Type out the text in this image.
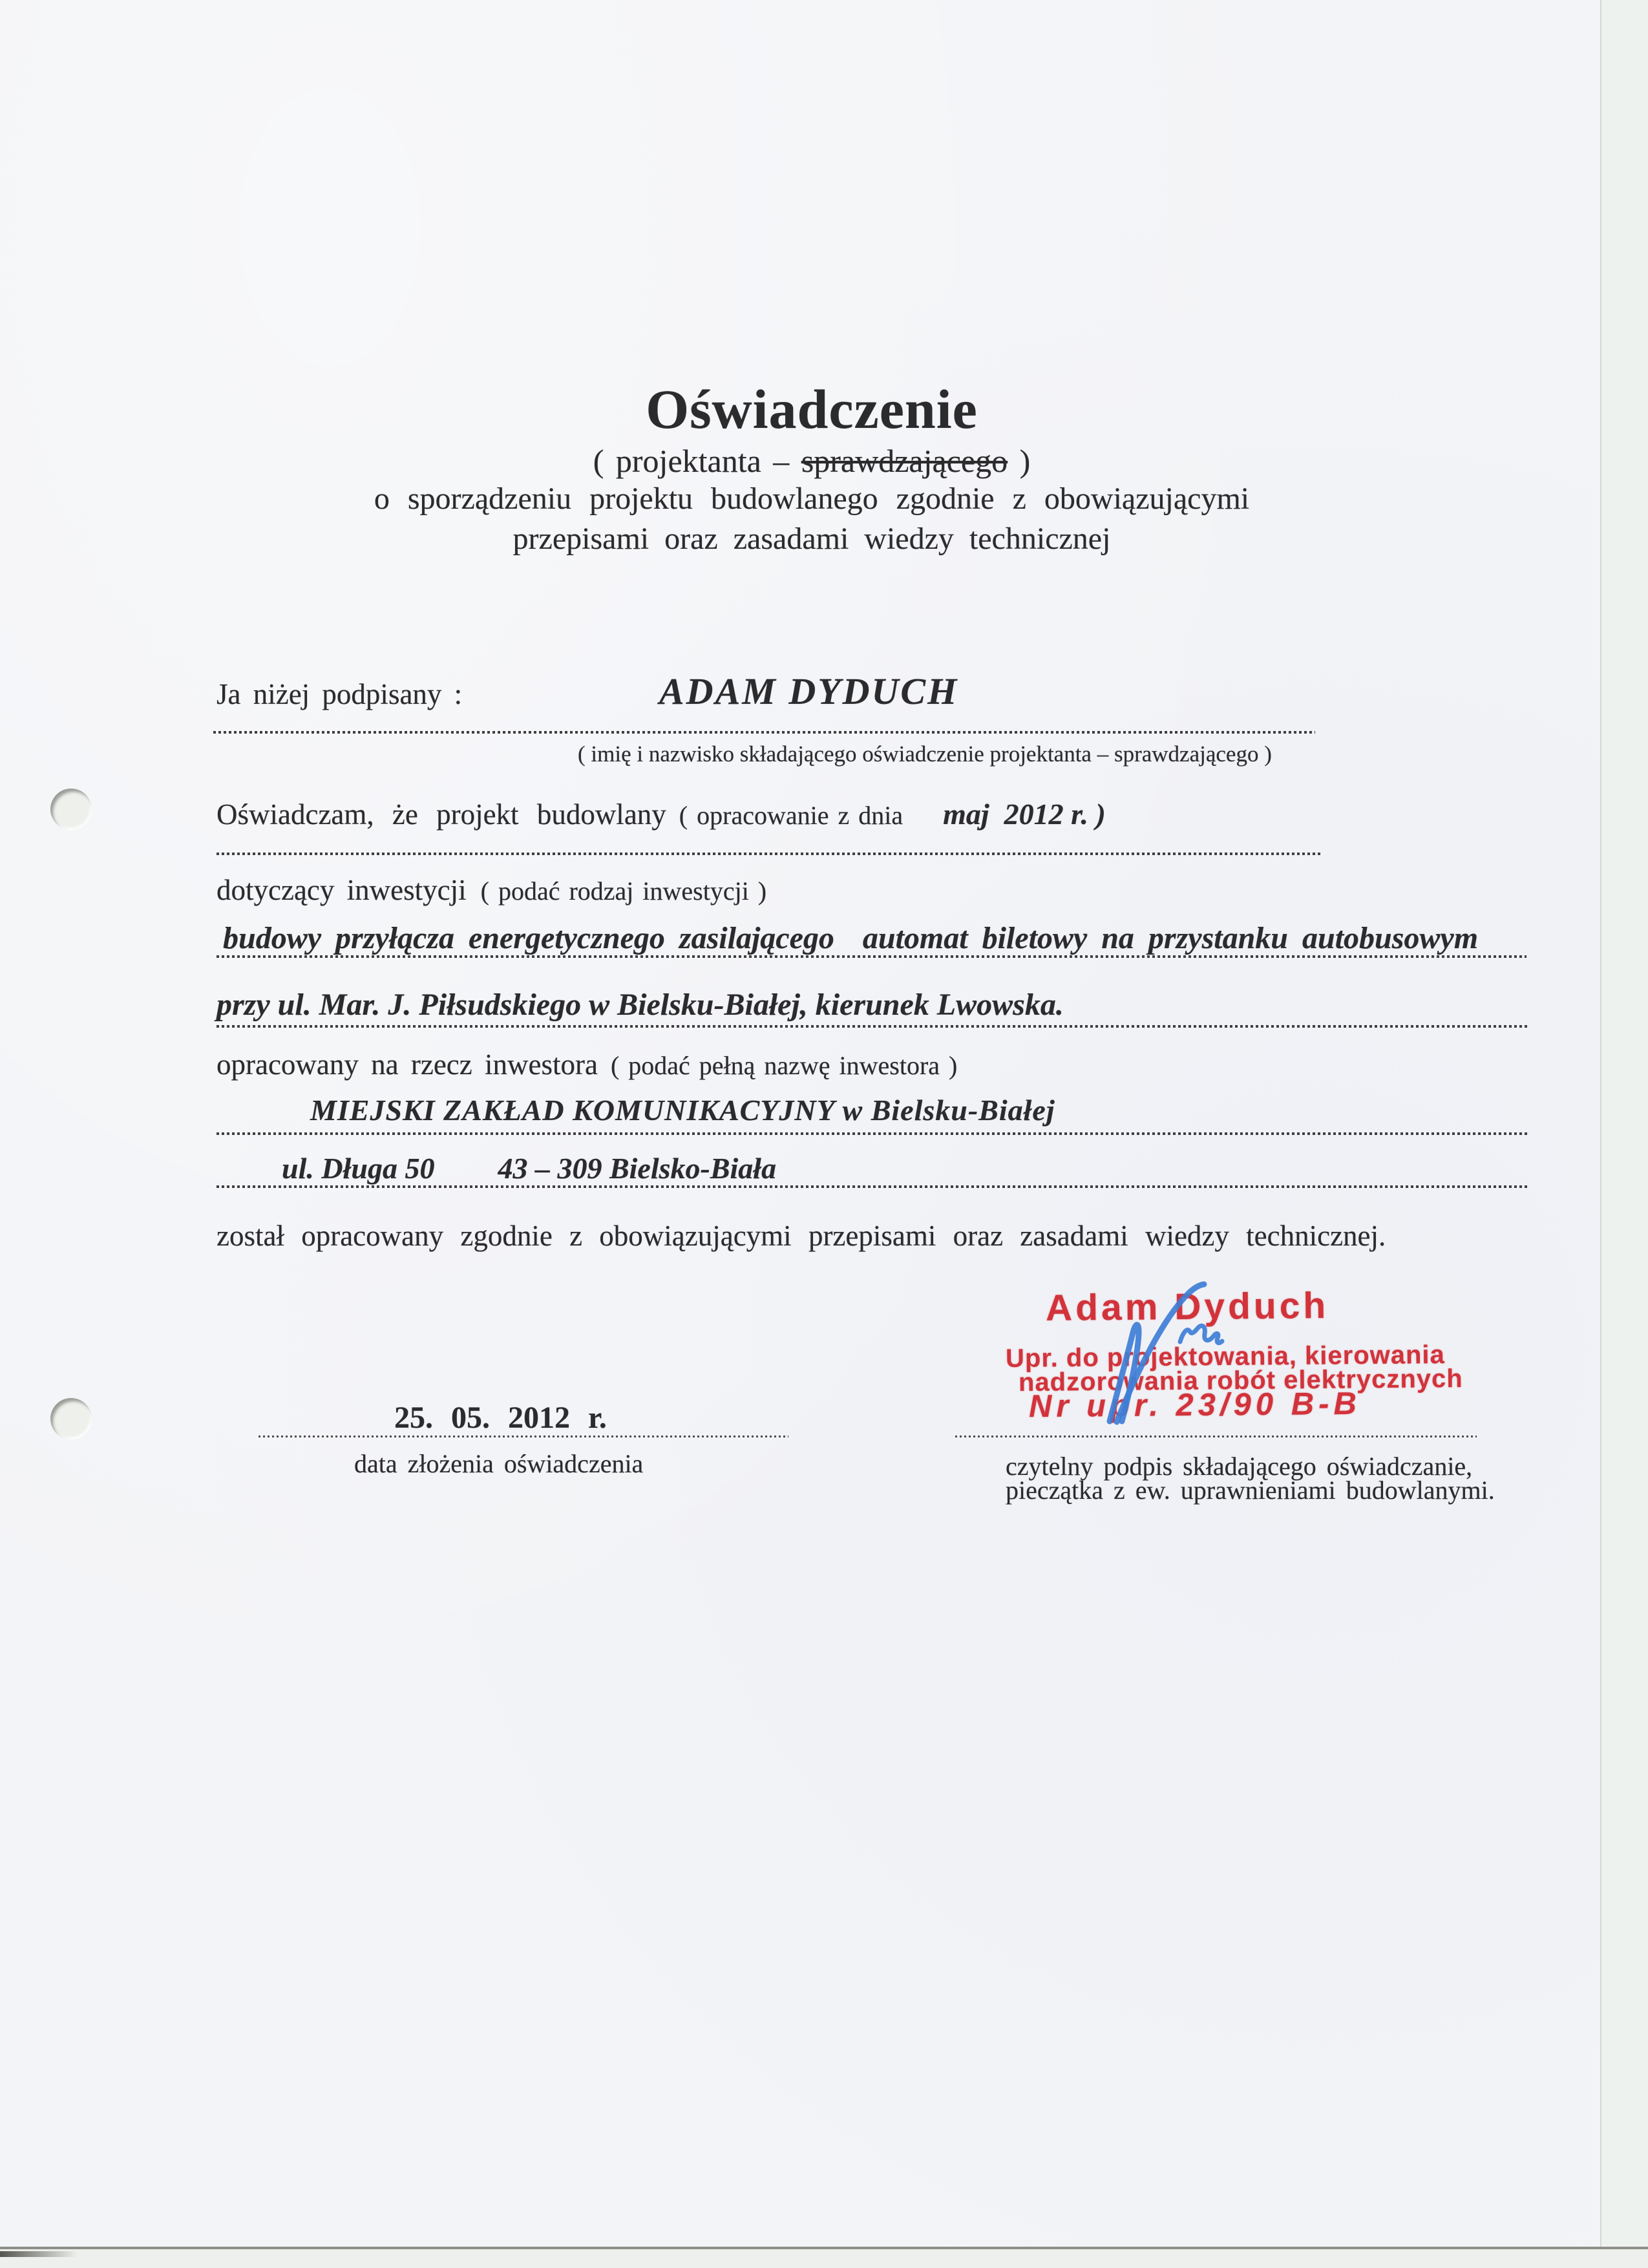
Oświadczenie
( projektanta – sprawdzającego )
o sporządzeniu projektu budowlanego zgodnie z obowiązującymi
przepisami oraz zasadami wiedzy technicznej
Ja niżej podpisany :	ADAM DYDUCH
( imię i nazwisko składającego oświadczenie projektanta – sprawdzającego )
Oświadczam, że projekt budowlany ( opracowanie z dnia maj  2012 r. )
dotyczący inwestycji ( podać rodzaj inwestycji )
budowy przyłącza energetycznego zasilającego  automat biletowy na przystanku autobusowym
przy ul. Mar. J. Piłsudskiego w Bielsku-Białej, kierunek Lwowska.
opracowany na rzecz inwestora ( podać pełną nazwę inwestora )
MIEJSKI ZAKŁAD KOMUNIKACYJNY w Bielsku-Białej
ul. Długa 50 43 – 309 Bielsko-Biała
został opracowany zgodnie z obowiązującymi przepisami oraz zasadami wiedzy technicznej.
Adam Dyduch
Upr. do projektowania, kierowania
nadzorowania robót elektrycznych
Nr upr. 23/90 B-B
25. 05. 2012 r.
data złożenia oświadczenia	czytelny podpis składającego oświadczanie,
pieczątka z ew. uprawnieniami budowlanymi.
